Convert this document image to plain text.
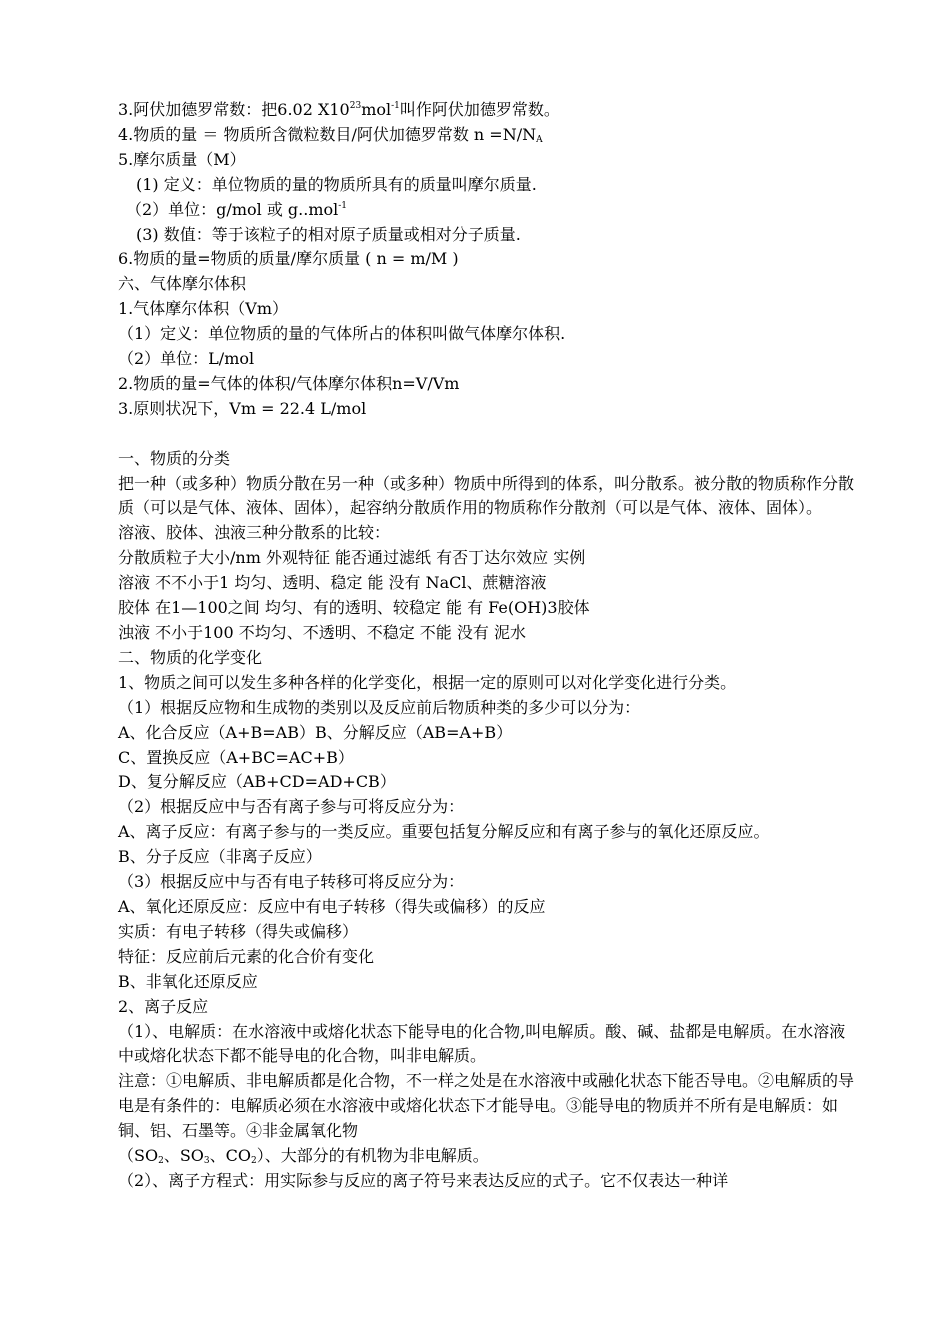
3.阿伏加德罗常数：把6.02 $X10^{23}mol^{-1}$叫作阿伏加德罗常数。
4.物质的量 ＝ 物质所含微粒数目/阿伏加德罗常数 $n =N/N_A$
5.摩尔质量（M）
(1) 定义：单位物质的量的物质所具有的质量叫摩尔质量.
（2）单位：g/mol 或 g..mol$^{-1}$
(3) 数值：等于该粒子的相对原子质量或相对分子质量.
6.物质的量=物质的质量/摩尔质量 ( n = m/M )
六、气体摩尔体积
1.气体摩尔体积（Vm）
（1）定义：单位物质的量的气体所占的体积叫做气体摩尔体积.
（2）单位：L/mol
2.物质的量=气体的体积/气体摩尔体积n=V/Vm
3.原则状况下，Vm = 22.4 L/mol
一、物质的分类
把一种（或多种）物质分散在另一种（或多种）物质中所得到的体系，叫分散系。被分散的物质称作分散质（可以是气体、液体、固体），起容纳分散质作用的物质称作分散剂（可以是气体、液体、固体）。
溶液、胶体、浊液三种分散系的比较：
分散质粒子大小/nm 外观特征 能否通过滤纸 有否丁达尔效应 实例
溶液 不不小于1 均匀、透明、稳定 能 没有 NaCl、蔗糖溶液
胶体 在1—100之间 均匀、有的透明、较稳定 能 有 Fe(OH)3胶体
浊液 不小于100 不均匀、不透明、不稳定 不能 没有 泥水
二、物质的化学变化
1、物质之间可以发生多种各样的化学变化，根据一定的原则可以对化学变化进行分类。
（1）根据反应物和生成物的类别以及反应前后物质种类的多少可以分为：
A、化合反应（A+B=AB）B、分解反应（AB=A+B）
C、置换反应（A+BC=AC+B）
D、复分解反应（AB+CD=AD+CB）
（2）根据反应中与否有离子参与可将反应分为：
A、离子反应：有离子参与的一类反应。重要包括复分解反应和有离子参与的氧化还原反应。
B、分子反应（非离子反应）
（3）根据反应中与否有电子转移可将反应分为：
A、氧化还原反应：反应中有电子转移（得失或偏移）的反应
实质：有电子转移（得失或偏移）
特征：反应前后元素的化合价有变化
B、非氧化还原反应
2、离子反应
（1）、电解质：在水溶液中或熔化状态下能导电的化合物,叫电解质。酸、碱、盐都是电解质。在水溶液中或熔化状态下都不能导电的化合物，叫非电解质。
注意：①电解质、非电解质都是化合物，不一样之处是在水溶液中或融化状态下能否导电。②电解质的导电是有条件的：电解质必须在水溶液中或熔化状态下才能导电。③能导电的物质并不所有是电解质：如铜、铝、石墨等。④非金属氧化物
（$SO_2$、$SO_3$、$CO_2$）、大部分的有机物为非电解质。
（2）、离子方程式：用实际参与反应的离子符号来表达反应的式子。它不仅表达一种详
